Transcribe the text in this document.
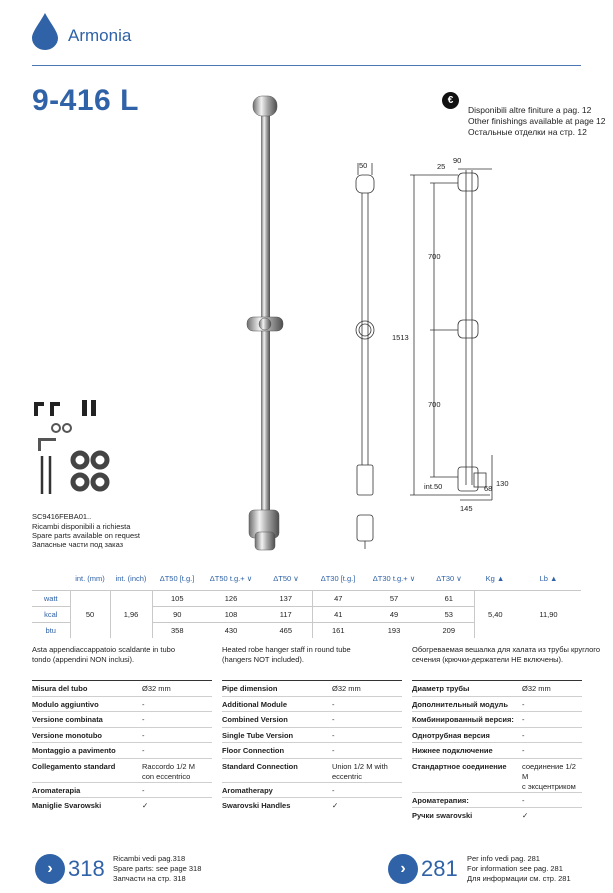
Armonia
9-416 L	€
Disponibili altre finiture a pag. 12
Other finishings available at page 12
Остальные отделки на стр. 12
50	25
90
700
1513
700
int.50	68
130
145
SC9416FEBA01..
Ricambi disponibili a richiesta
Spare parts available on request
Запасные части под заказ
	int. (mm)	int. (inch)	ΔT50 [t.g.]	ΔT50 t.g.+ ∨	ΔT50 ∨	ΔT30 [t.g.]	ΔT30 t.g.+ ∨	ΔT30 ∨	Kg ▲	Lb ▲
watt	50	1,96	105	126	137	47	57	61	5,40	11,90
kcal			90	108	117	41	49	53		
btu			358	430	465	161	193	209		
Asta appendiaccappatoio scaldante in tubo
tondo (appendini NON inclusi).
Heated robe hanger staff in round tube
(hangers NOT included).
Обогреваемая вешалка для халата из трубы круглого
сечения (крючки-держатели НЕ включены).
Misura del tubo	Ø32 mm
Modulo aggiuntivo	-
Versione combinata	-
Versione monotubo	-
Montaggio a pavimento	-
Collegamento standard	Raccordo 1/2 M
con eccentrico
Aromaterapia	-
Maniglie Svarowski	✓
Pipe dimension	Ø32 mm
Additional Module	-
Combined Version	-
Single Tube Version	-
Floor Connection	-
Standard Connection	Union 1/2 M with
eccentric
Aromatherapy	-
Swarovski Handles	✓
Диаметр трубы	Ø32 mm
Дополнительный модуль	-
Комбинированный версия:	-
Однотрубная версия	-
Нижнее подключение	-
Стандартное соединение	соединение 1/2 M
с эксцентриком
Аромaтерапия:	-
Ручки swarovski	✓
› 318 Ricambi vedi pag.318
Spare parts: see page 318
Запчасти на стр. 318
› 281 Per info vedi pag. 281
For information see pag. 281
Для информации см. стр. 281
